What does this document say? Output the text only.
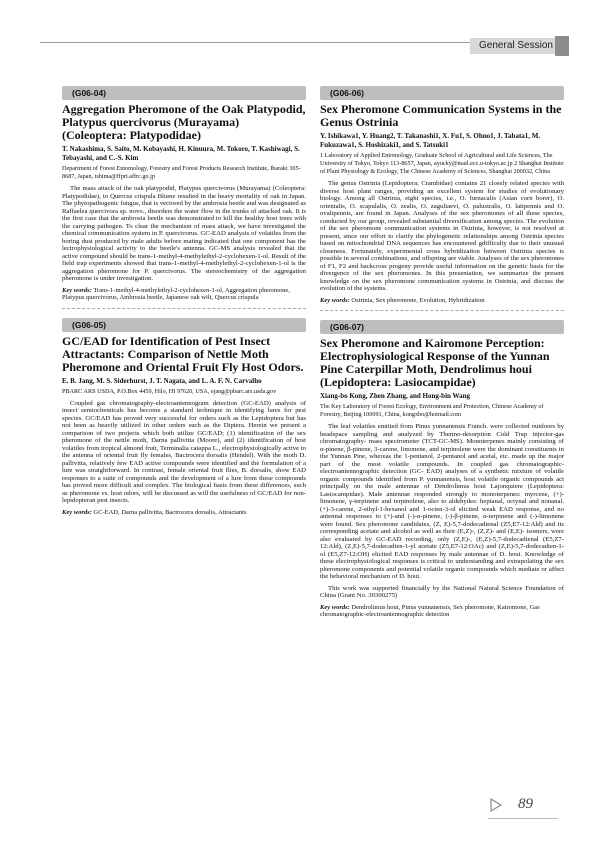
General Session
(G06-04)
Aggregation Pheromone of the Oak Platypodid, Platypus quercivorus (Murayama) (Coleoptera: Platypodidae)
T. Nakashima, S. Saito, M. Kobayashi, H. Kinuura, M. Tokoro, T. Kashiwagi, S. Tebayashi, and C.-S. Kim
Department of Forest Entomology, Forestry and Forest Products Research Institute, Ibaraki 305-8687, Japan, tshima@ffpri.affrc.go.jp
The mass attack of the oak platypodid, Platypus quercivorus (Murayama) (Coleoptera: Platypodidae), to Quercus crispula Blume resulted in the heavy mortality of oak in Japan. The phytopathogenic fungus, that is vectored by the ambrosia beetle and was designated as Raffaelea quercivora sp. novo., disorders the water flow in the trunks of attacked oak. It is the first case that the ambrosia beetle was demonstrated to kill the healthy host trees with the carrying pathogen. To clear the mechanism of mass attack, we have investigated the chemical communication system in P. quercivorus. GC-EAD analysis of volatiles from the boring dust produced by male adults before mating indicated that one component has the lectrophysiological activity to the beetle's antenna. GC-MS analysis revealed that the active compound should be trans-1-methyl-4-methylethyl-2-cyclohexen-1-ol. Result of the field trap experiments showed that trans-1-methyl-4-methylethyl-2-cyclohexen-1-ol is the aggregation pheromone for P. quercivorus. The stereochemistry of the aggregation pheromone is under investigation.
Key words: Trans-1-methyl-4-methylethyl-2-cyclohexen-1-ol, Aggregation pheromone, Platypus quercivorus, Ambrosia beetle, Japanese oak wilt, Quercus crispula
(G06-05)
GC/EAD for Identification of Pest Insect Attractants: Comparison of Nettle Moth Pheromone and Oriental Fruit Fly Host Odors.
E. B. Jang, M. S. Siderhurst, J. T. Nagata, and L. A. F. N. Carvalho
PBARC ARS USDA, P.O.Box 4459, Hilo, HI 97620, USA, ejang@pbarc.ars.usda.gov
Coupled gas chromatography-electroantennogram detection (GC-EAD) analysis of insect semiochemicals has become a standard technique in identifying lures for pest species. GC/EAD has proved very successful for orders such as the Lepidoptera but has not been as heavily utilized in other orders such as the Diptera. Herein we present a comparison of two projects which both utilize GC/EAD; (1) identification of the sex pheromone of the nettle moth, Darna pallivitta (Moore), and (2) identification of host volatiles from tropical almond fruit, Terminalia catappa L., electrophysiologically active to the antenna of oriental fruit fly females, Bactrocera dorsalis (Hendel). With the moth D. pallivitta, relatively few EAD active compounds were identified and the formulation of a lure was straightforward. In contrast, female oriental fruit flies, B. dorsalis, show EAD responses to a suite of compounds and the development of a lure from these compounds has proved more difficult and complex. The biological basis from these differences, such as pheromone vs. host odors, will be discussed as will the usefulness of GC/EAD for non-lepidopteran pest insects.
Key words: GC-EAD, Darna pallivitta, Bactrocera dorsalis, Attractants
(G06-06)
Sex Pheromone Communication Systems in the Genus Ostrinia
Y. Ishikawa1, Y. Huang2, T. Takanashi1, X. Fu1, S. Ohno1, J. Tabata1, M. Fukuzawa1, S. Hoshizaki1, and S. Tatsuki1
1 Laboratory of Applied Entomology, Graduate School of Agricultural and Life Sciences, The University of Tokyo, Tokyo 113-8657, Japan, ayucky@mail.ecc.u-tokyo.ac.jp 2 Shanghai Institute of Plant Physiology & Ecology, The Chinese Academy of Sciences, Shanghai 200032, China
The genus Ostrinia (Lepidoptera; Crambidae) contains 21 closely related species with diverse host plant ranges, providing an excellent system for studies of evolutionary biology. Among all Ostrinia, eight species, i.e., O. furnacalis (Asian corn borer), O. orientalis, O. scapulalis, O. zealis, O. zaguliaevi, O. palustralis, O. latipennis and O. ovalipennis, are found in Japan. Analyses of the sex pheromones of all these species, conducted by our group, revealed substantial diversification among species. The evolution of the sex pheromone communication systems in Ostrinia, however, is not resolved at present, since our effort to clarify the phylogenetic relationships among Ostrinia species based on mitochondrial DNA sequences has encountered gdifficulty due to their unusual closeness. Fortunately, experimental cross hybridization between Ostrinia species is possible in several combinations, and offspring are viable. Analyses of the sex pheromones of F1, F2 and backcross progeny provide useful information on the genetic basis for the divergence of the sex pheromones. In this presentation, we summarize the present knowledge on the sex pheromone communication systems in Ostrinia, and discuss the evolution of the systems.
Key words: Ostrinia, Sex pheromone, Evolution, Hybridization
(G06-07)
Sex Pheromone and Kairomone Perception: Electrophysiological Response of the Yunnan Pine Caterpillar Moth, Dendrolimus houi (Lepidoptera: Lasiocampidae)
Xiang-bo Kong, Zhen Zhang, and Hong-bin Wang
The Key Laboratory of Forest Ecology, Environment and Protection, Chinese Academy of Forestry, Beijing 100091, China, kongxbo@hotmail.com
The leaf volatiles emitted from Pinus yunnanensis Franch. were collected outdoors by headspace sampling and analyzed by Thermo-desorption Cold Trap injector-gas chromatography- mass spectrometer (TCT-GC-MS). Monoterpenes mainly consisting of α-pinene, β-pinene, 3-carene, limonene, and terpinolene were the dominant constituents in the Yunnan Pine, whereas the 1-pentanol, 2-pentanol and acetal, etc. made up the major part of the most volatile compounds. In coupled gas chromatographic-electroantennographic detection (GC- EAD) analyses of a synthetic mixture of volatile organic compounds identified from P. yunnanensis, host volatile organic compounds act principally on the male antennae of Dendrolimus houi Lajonquiere (Lepidoptera: Lasiocampidae). Male antennae responded strongly to monoterpenes: myrcene, (+)- limonene, γ-terpinene and terpinolene, also to aldehydes: heptanal, octynal and nonanal. (+)-3-carene, 2-ethyl-1-hexanol and 1-octen-3-ol elicited weak EAD response, and no antennal responses to (+)-and (-)-α-pinene, (-)-β-pinene, α-terpinene and (-)-limonene were found. Sex pheromone candidates, (Z, E)-5,7-dodecadienal (Z5,E7-12:Ald) and its corresponding acetate and alcohol as well as their (E,Z)-, (Z,Z)- and (E,E)- isomers, were also evaluated by GC-EAD recording, only (Z,E)-, (E,Z)-5,7-dodecadienal (E5,Z7-12:Ald), (Z,E)-5,7-dodecadien-1-yl acetate (Z5,E7-12:OAc) and (Z,E)-5,7-dodecadien-1-ol (E5,Z7-12:OH) elicited EAD responses by male antennae of D. houi. Knowledge of these electrophysiological responses is critical to understanding and extrapolating the sex pheromone components and potential volatile organic compounds which mediate or affect the behavioral mechanism of D. houi.
This work was supported financially by the National Natural Science Foundation of China (Grant No. 30300275)
Key words: Dendrolimus houi, Pinus yunnanensis, Sex pheromone, Kairomone, Gas chromatographic-electroantennographic detection
89
